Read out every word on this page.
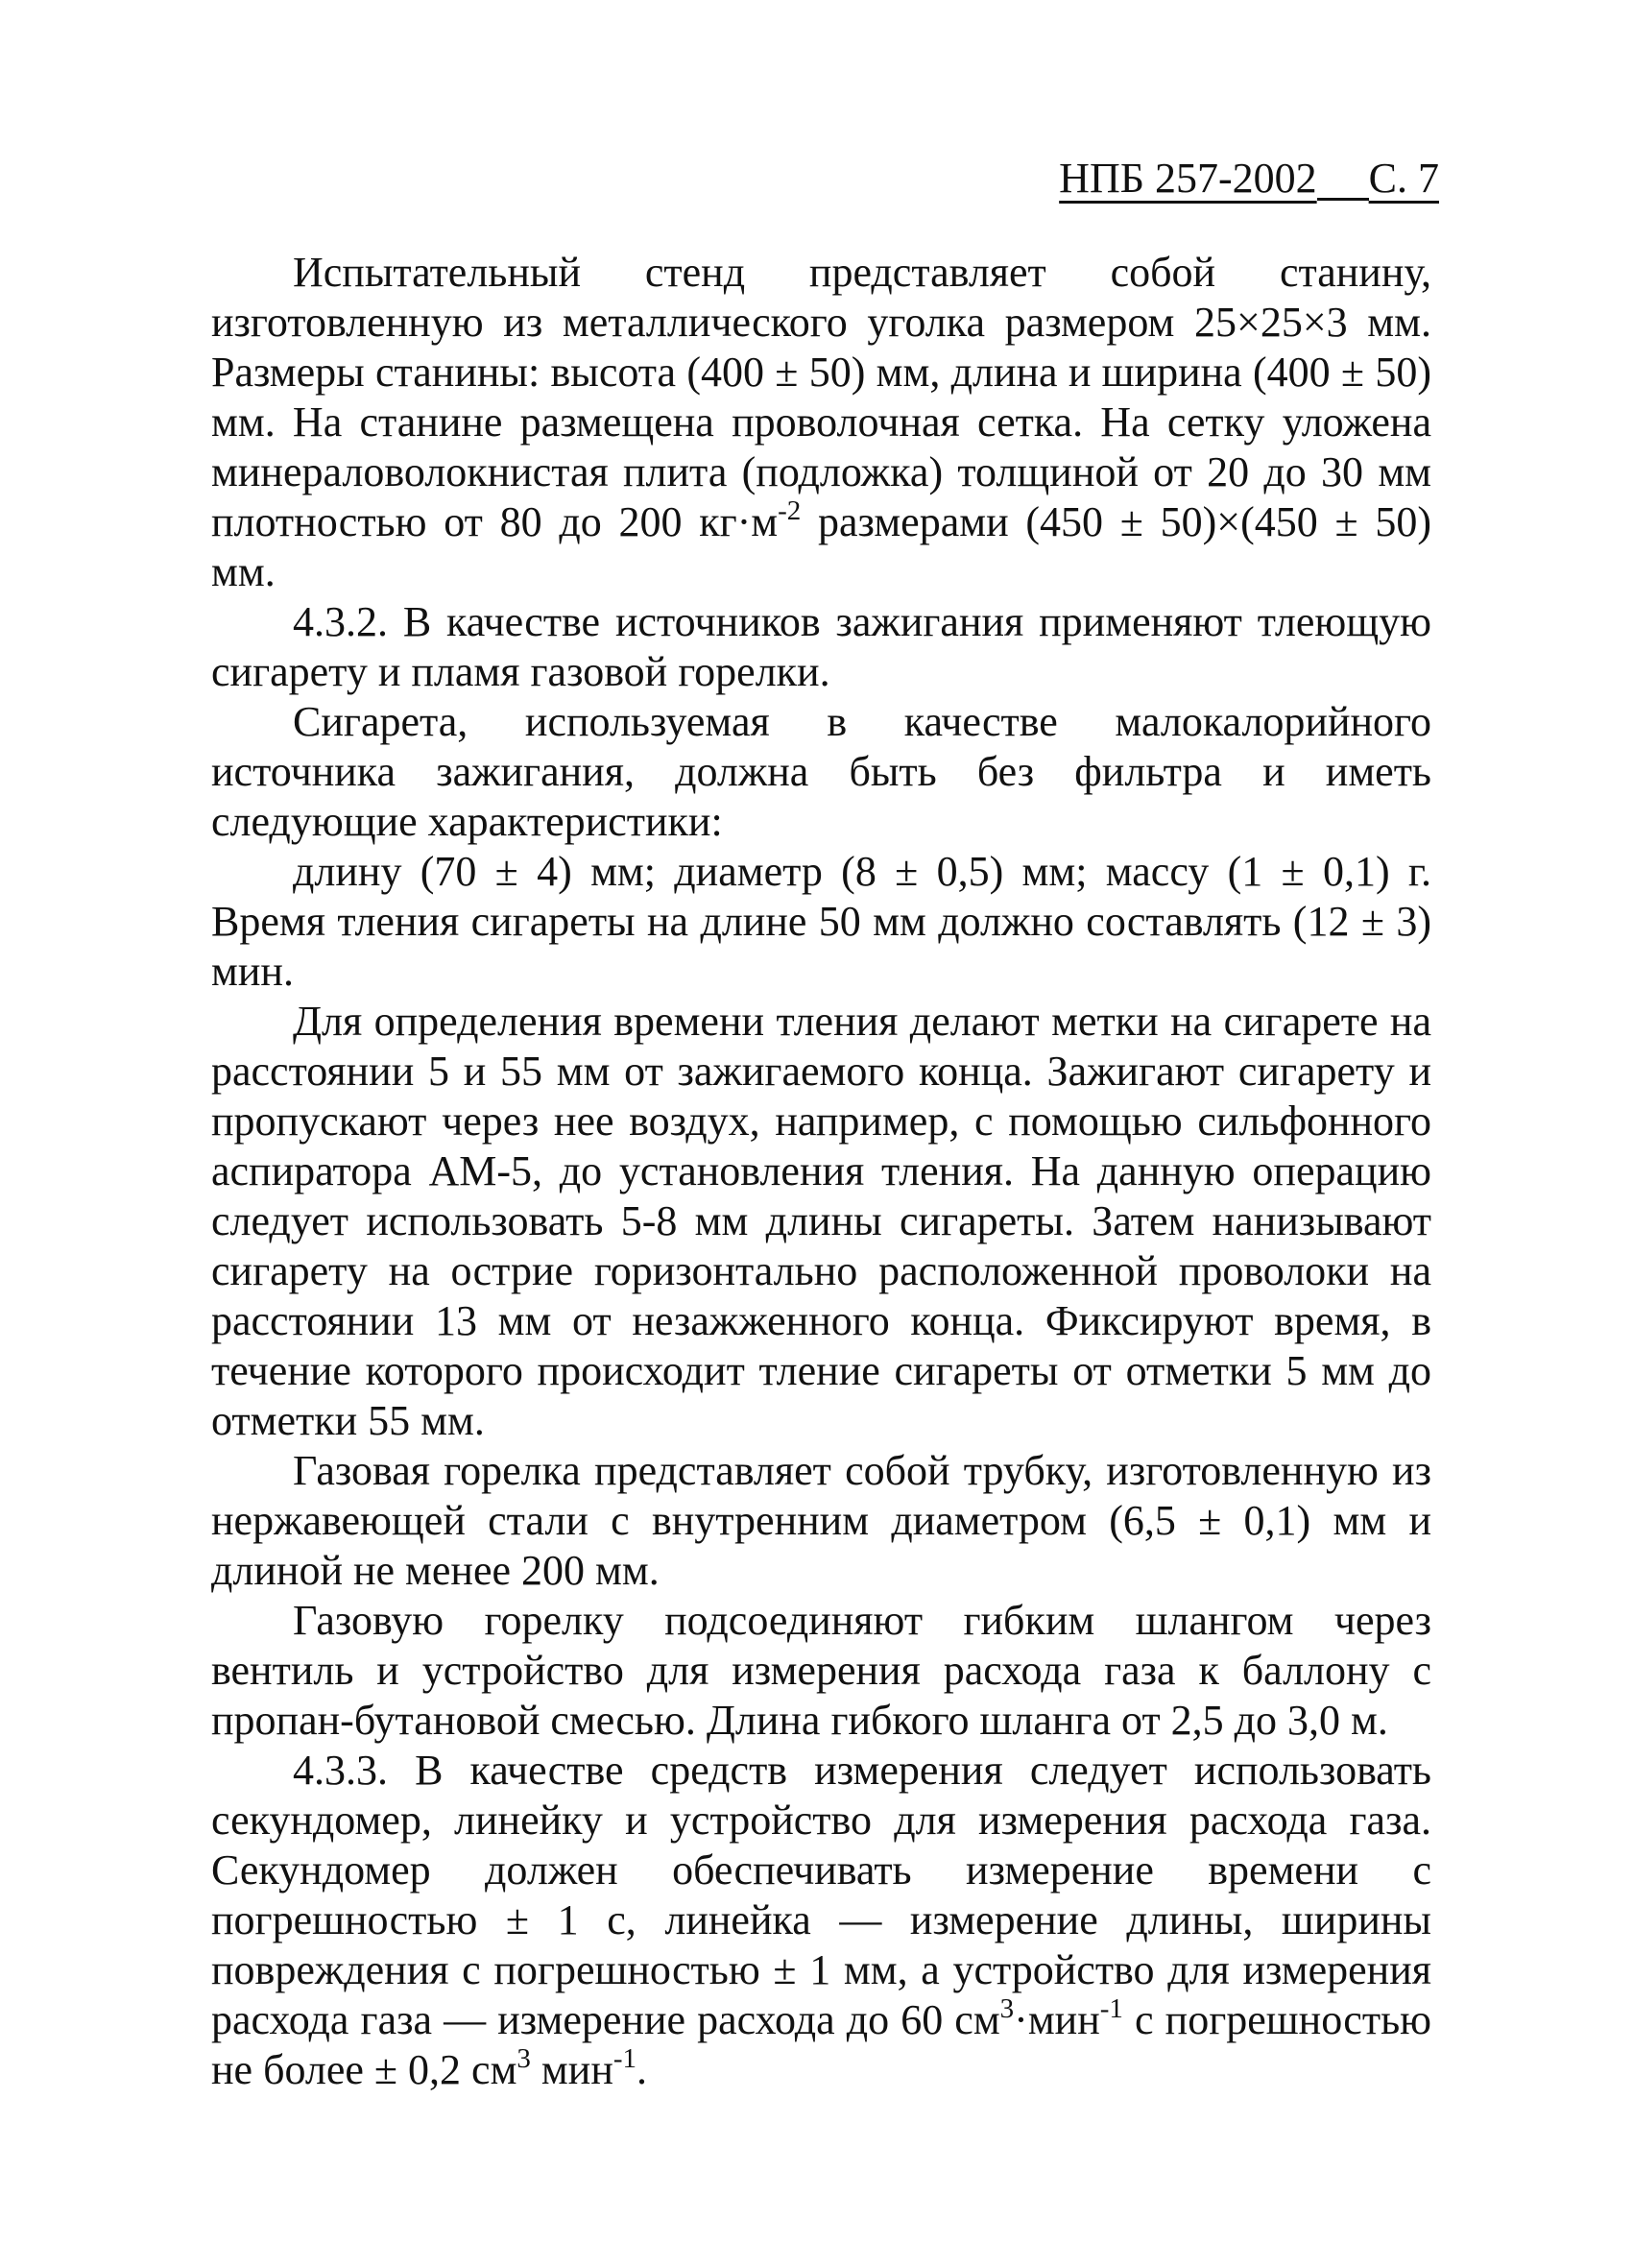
НПБ 257-2002 С. 7

Испытательный стенд представляет собой станину, изготовленную из металлического уголка размером 25×25×3 мм. Размеры станины: высота (400 ± 50) мм, длина и ширина (400 ± 50) мм. На станине размещена проволочная сетка. На сетку уложена минераловолокнистая плита (подложка) толщиной от 20 до 30 мм плотностью от 80 до 200 $кг\cdot м^{-2}$ размерами (450 ± 50)×(450 ± 50) мм.

4.3.2. В качестве источников зажигания применяют тлеющую сигарету и пламя газовой горелки.

Сигарета, используемая в качестве малокалорийного источника зажигания, должна быть без фильтра и иметь следующие характеристики:

длину (70 ± 4) мм; диаметр (8 ± 0,5) мм; массу (1 ± 0,1) г. Время тления сигареты на длине 50 мм должно составлять (12 ± 3) мин.

Для определения времени тления делают метки на сигарете на расстоянии 5 и 55 мм от зажигаемого конца. Зажигают сигарету и пропускают через нее воздух, например, с помощью сильфонного аспиратора АМ-5, до установления тления. На данную операцию следует использовать 5-8 мм длины сигареты. Затем нанизывают сигарету на острие горизонтально расположенной проволоки на расстоянии 13 мм от незажженного конца. Фиксируют время, в течение которого происходит тление сигареты от отметки 5 мм до отметки 55 мм.

Газовая горелка представляет собой трубку, изготовленную из нержавеющей стали с внутренним диаметром (6,5 ± 0,1) мм и длиной не менее 200 мм.

Газовую горелку подсоединяют гибким шлангом через вентиль и устройство для измерения расхода газа к баллону с пропан-бутановой смесью. Длина гибкого шланга от 2,5 до 3,0 м.

4.3.3. В качестве средств измерения следует использовать секундомер, линейку и устройство для измерения расхода газа. Секундомер должен обеспечивать измерение времени с погрешностью ± 1 с, линейка — измерение длины, ширины повреждения с погрешностью ± 1 мм, а устройство для измерения расхода газа — измерение расхода до 60 $см^3\cdot мин^{-1}$ с погрешностью не более ± 0,2 $см^3$ мин$^{-1}$.
